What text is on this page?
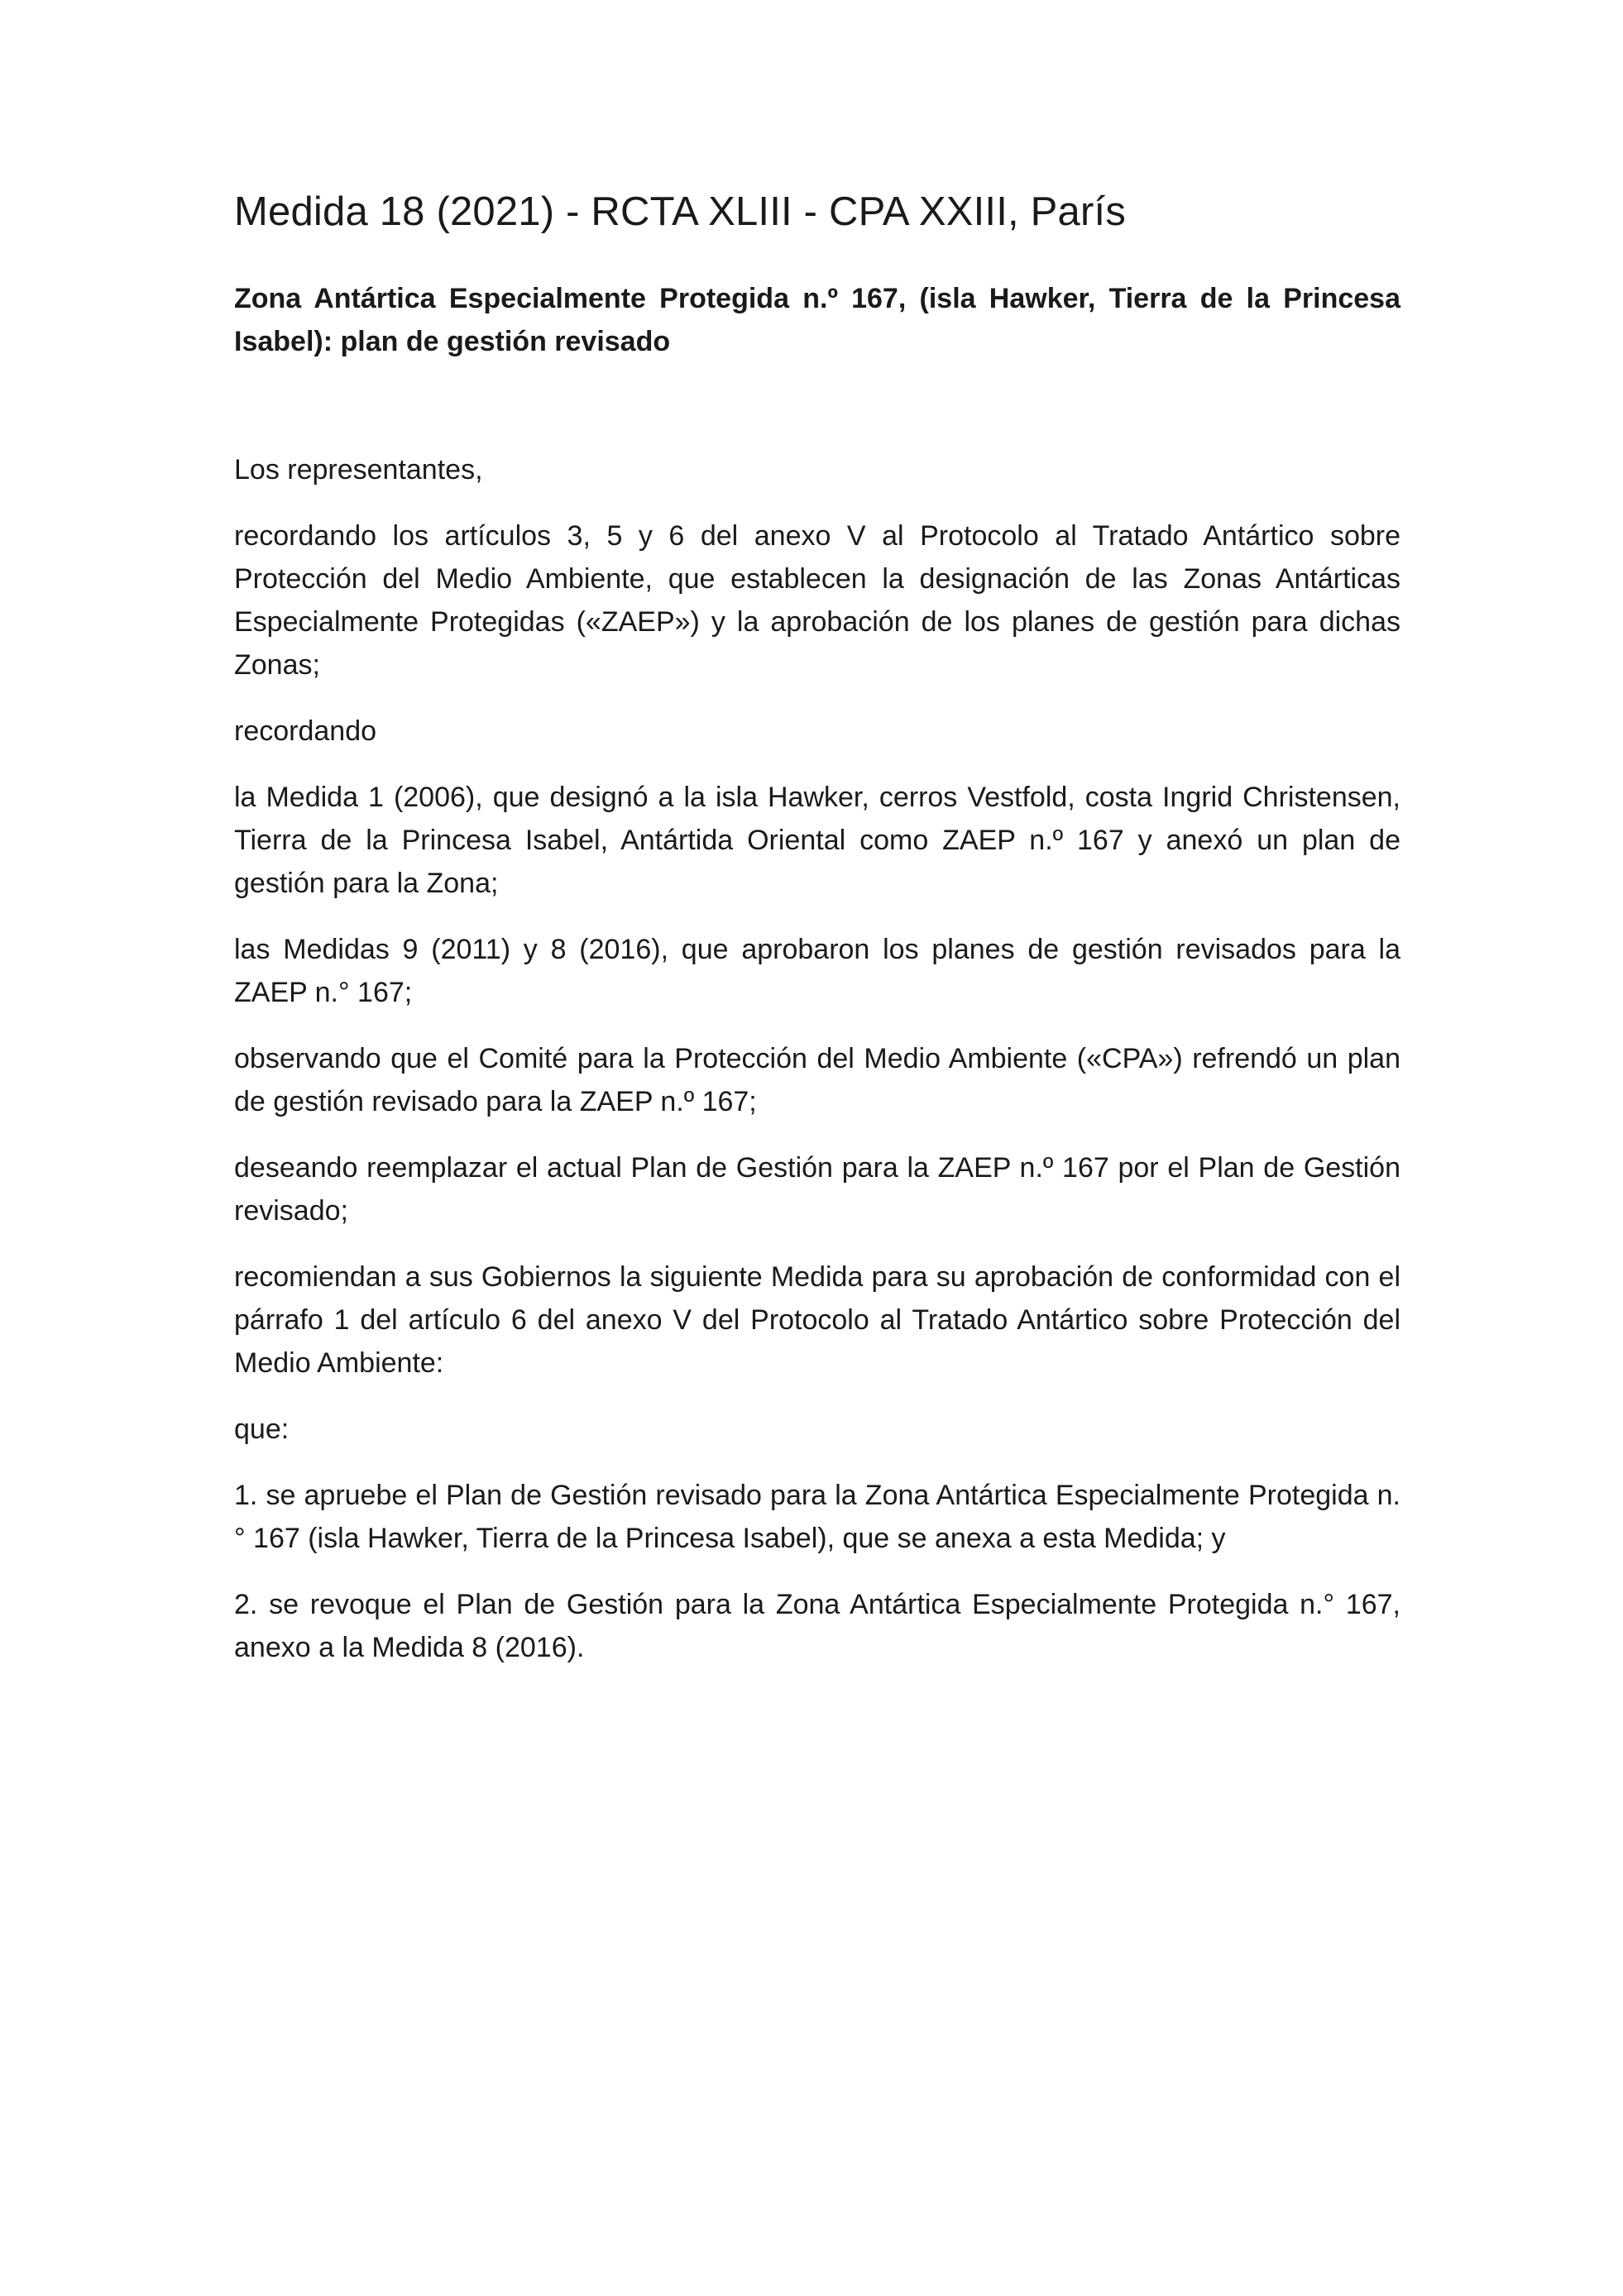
Medida 18 (2021) - RCTA XLIII - CPA XXIII, París

Zona Antártica Especialmente Protegida n.º 167, (isla Hawker, Tierra de la Princesa Isabel): plan de gestión revisado

Los representantes,

recordando los artículos 3, 5 y 6 del anexo V al Protocolo al Tratado Antártico sobre Protección del Medio Ambiente, que establecen la designación de las Zonas Antárticas Especialmente Protegidas («ZAEP») y la aprobación de los planes de gestión para dichas Zonas;

recordando

la Medida 1 (2006), que designó a la isla Hawker, cerros Vestfold, costa Ingrid Christensen, Tierra de la Princesa Isabel, Antártida Oriental como ZAEP n.º 167 y anexó un plan de gestión para la Zona;

las Medidas 9 (2011) y 8 (2016), que aprobaron los planes de gestión revisados para la ZAEP n.° 167;

observando que el Comité para la Protección del Medio Ambiente («CPA») refrendó un plan de gestión revisado para la ZAEP n.º 167;

deseando reemplazar el actual Plan de Gestión para la ZAEP n.º 167 por el Plan de Gestión revisado;

recomiendan a sus Gobiernos la siguiente Medida para su aprobación de conformidad con el párrafo 1 del artículo 6 del anexo V del Protocolo al Tratado Antártico sobre Protección del Medio Ambiente:

que:

1. se apruebe el Plan de Gestión revisado para la Zona Antártica Especialmente Protegida n.° 167 (isla Hawker, Tierra de la Princesa Isabel), que se anexa a esta Medida; y

2. se revoque el Plan de Gestión para la Zona Antártica Especialmente Protegida n.° 167, anexo a la Medida 8 (2016).
